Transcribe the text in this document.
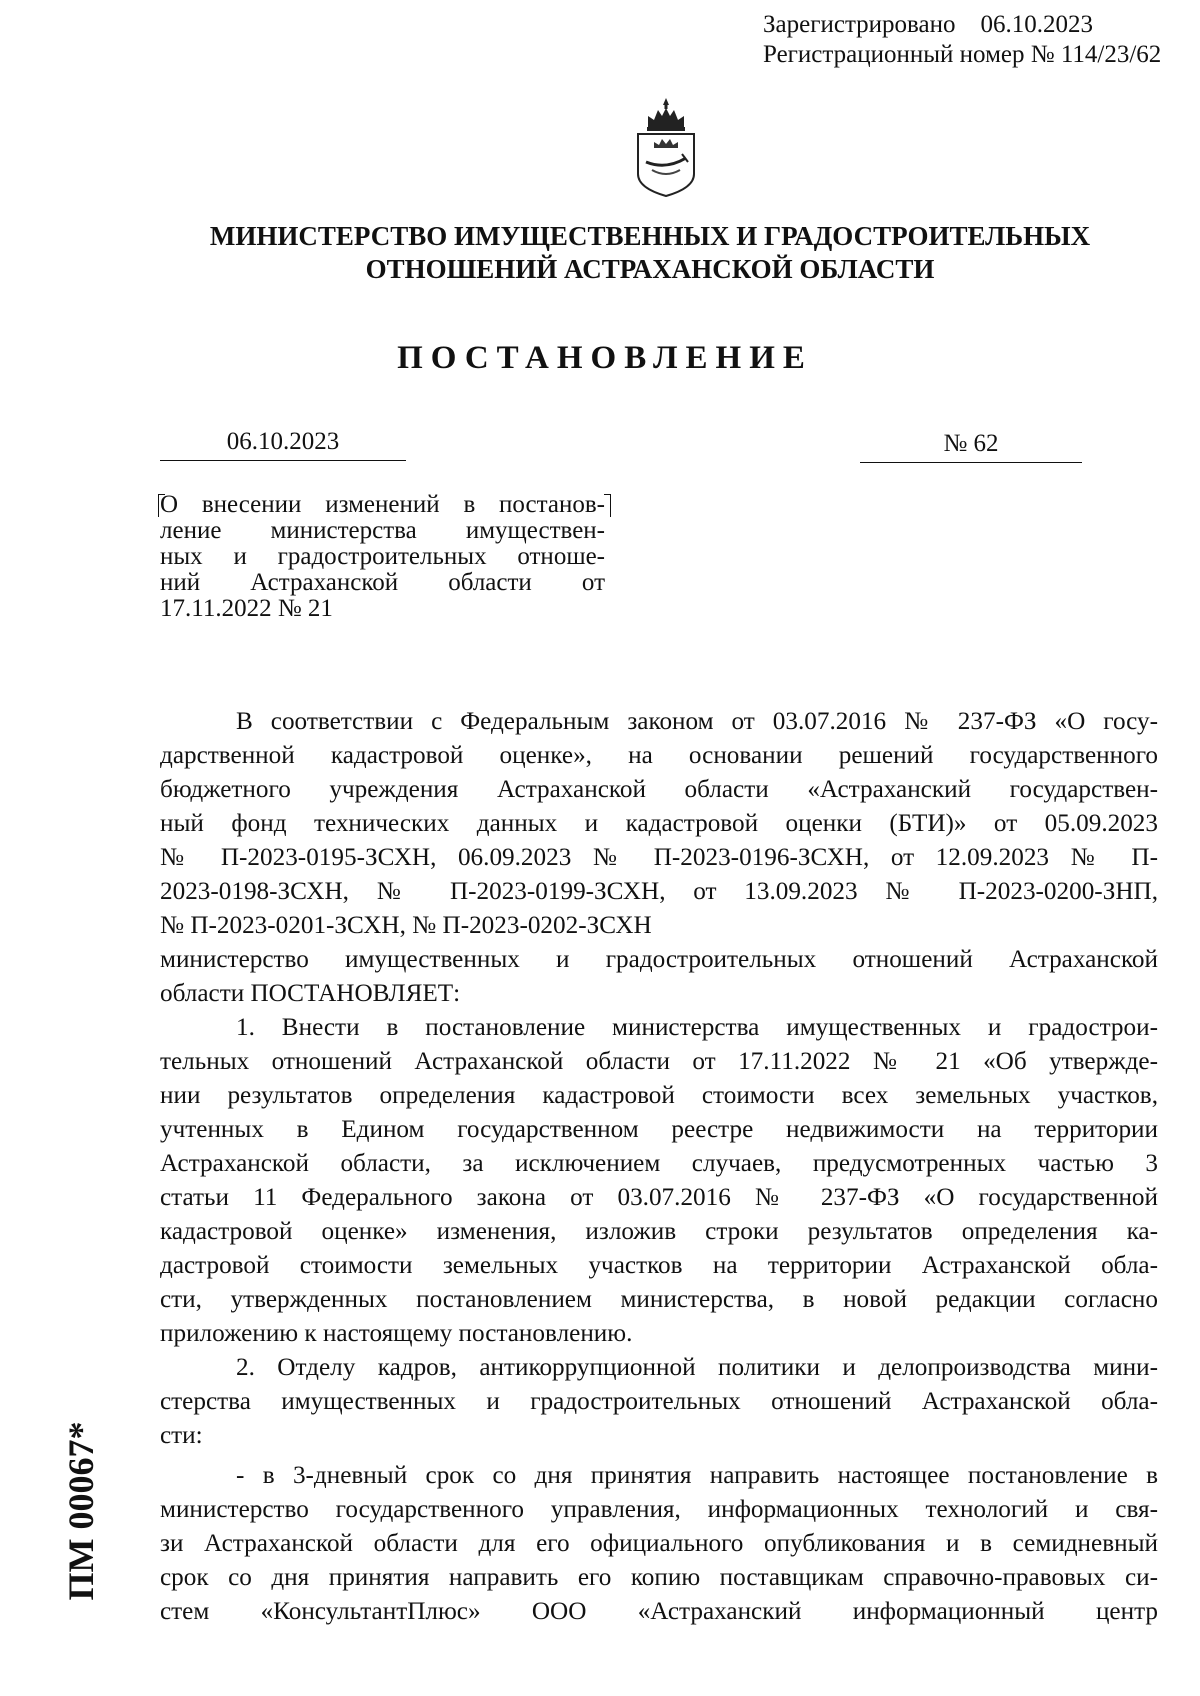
Зарегистрировано 06.10.2023
Регистрационный номер № 114/23/62
МИНИСТЕРСТВО ИМУЩЕСТВЕННЫХ И ГРАДОСТРОИТЕЛЬНЫХ
ОТНОШЕНИЙ АСТРАХАНСКОЙ ОБЛАСТИ
ПОСТАНОВЛЕНИЕ
06.10.2023	№ 62
О внесении изменений в постанов-
ление министерства имуществен-
ных и градостроительных отноше-
ний Астраханской области от
17.11.2022 № 21
В соответствии с Федеральным законом от 03.07.2016 № 237-ФЗ «О госу-
дарственной кадастровой оценке», на основании решений государственного
бюджетного учреждения Астраханской области «Астраханский государствен-
ный фонд технических данных и кадастровой оценки (БТИ)» от 05.09.2023
№ П-2023-0195-ЗСХН, 06.09.2023 № П-2023-0196-ЗСХН, от 12.09.2023 № П-
2023-0198-ЗСХН, № П-2023-0199-ЗСХН, от 13.09.2023 № П-2023-0200-ЗНП,
№ П-2023-0201-ЗСХН, № П-2023-0202-ЗСХН
министерство имущественных и градостроительных отношений Астраханской
области ПОСТАНОВЛЯЕТ:
1. Внести в постановление министерства имущественных и градострои-
тельных отношений Астраханской области от 17.11.2022 № 21 «Об утвержде-
нии результатов определения кадастровой стоимости всех земельных участков,
учтенных в Едином государственном реестре недвижимости на территории
Астраханской области, за исключением случаев, предусмотренных частью 3
статьи 11 Федерального закона от 03.07.2016 № 237-ФЗ «О государственной
кадастровой оценке» изменения, изложив строки результатов определения ка-
дастровой стоимости земельных участков на территории Астраханской обла-
сти, утвержденных постановлением министерства, в новой редакции согласно
приложению к настоящему постановлению.
2. Отделу кадров, антикоррупционной политики и делопроизводства мини-
стерства имущественных и градостроительных отношений Астраханской обла-
сти:
- в 3-дневный срок со дня принятия направить настоящее постановление в
министерство государственного управления, информационных технологий и свя-
зи Астраханской области для его официального опубликования и в семидневный
срок со дня принятия направить его копию поставщикам справочно-правовых си-
стем «КонсультантПлюс» ООО «Астраханский информационный центр
ПМ 00067*
